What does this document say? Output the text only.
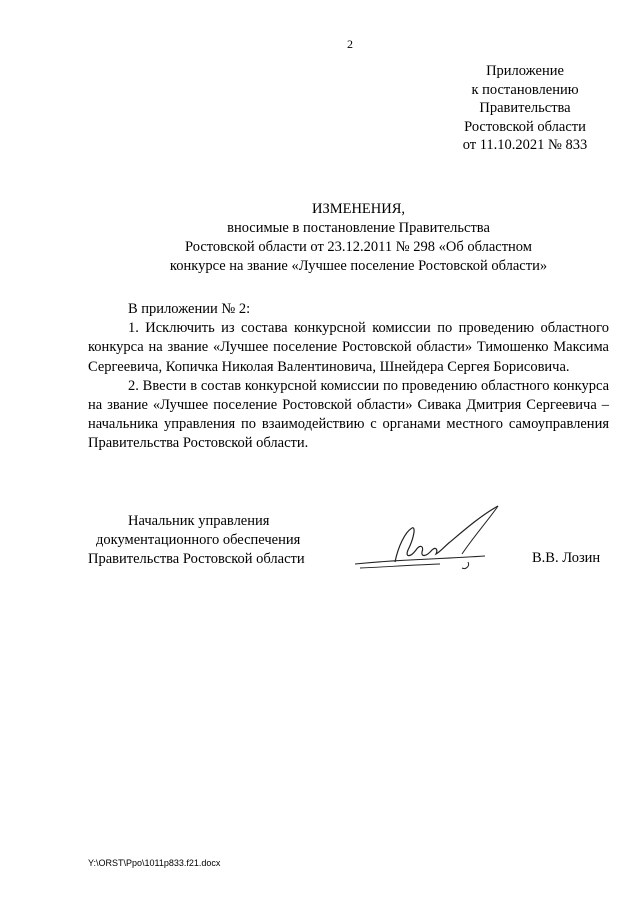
2
Приложение
к постановлению
Правительства
Ростовской области
от 11.10.2021 № 833
ИЗМЕНЕНИЯ,
вносимые в постановление Правительства
Ростовской области от 23.12.2011 № 298 «Об областном
конкурсе на звание «Лучшее поселение Ростовской области»

В приложении № 2:

1. Исключить из состава конкурсной комиссии по проведению областного конкурса на звание «Лучшее поселение Ростовской области» Тимошенко Максима Сергеевича, Копичка Николая Валентиновича, Шнейдера Сергея Борисовича.

2. Ввести в состав конкурсной комиссии по проведению областного конкурса на звание «Лучшее поселение Ростовской области» Сивака Дмитрия Сергеевича – начальника управления по взаимодействию с органами местного самоуправления Правительства Ростовской области.

Начальник управления
документационного обеспечения
Правительства Ростовской области	В.В. Лозин
Y:\ORST\Ppo\1011p833.f21.docx
